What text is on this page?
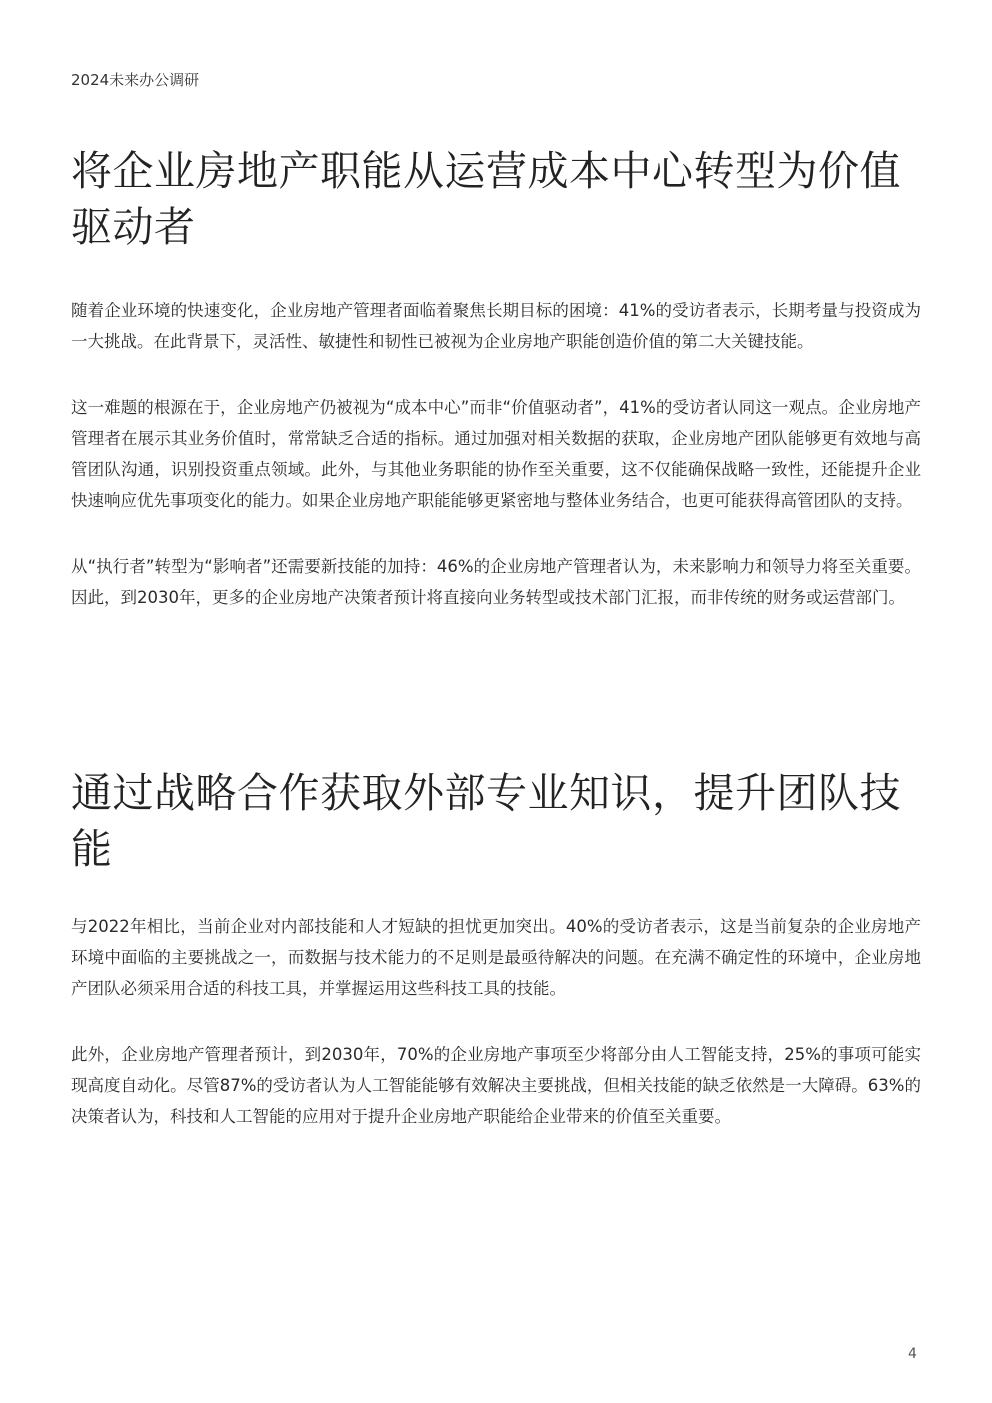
2024未来办公调研
将企业房地产职能从运营成本中心转型为价值驱动者

随着企业环境的快速变化，企业房地产管理者面临着聚焦长期目标的困境：41%的受访者表示，长期考量与投资成为一大挑战。在此背景下，灵活性、敏捷性和韧性已被视为企业房地产职能创造价值的第二大关键技能。

这一难题的根源在于，企业房地产仍被视为“成本中心”而非“价值驱动者”，41%的受访者认同这一观点。企业房地产管理者在展示其业务价值时，常常缺乏合适的指标。通过加强对相关数据的获取，企业房地产团队能够更有效地与高管团队沟通，识别投资重点领域。此外，与其他业务职能的协作至关重要，这不仅能确保战略一致性，还能提升企业快速响应优先事项变化的能力。如果企业房地产职能能够更紧密地与整体业务结合，也更可能获得高管团队的支持。

从“执行者”转型为“影响者”还需要新技能的加持：46%的企业房地产管理者认为，未来影响力和领导力将至关重要。因此，到2030年，更多的企业房地产决策者预计将直接向业务转型或技术部门汇报，而非传统的财务或运营部门。

通过战略合作获取外部专业知识，提升团队技能

与2022年相比，当前企业对内部技能和人才短缺的担忧更加突出。40%的受访者表示，这是当前复杂的企业房地产环境中面临的主要挑战之一，而数据与技术能力的不足则是最亟待解决的问题。在充满不确定性的环境中，企业房地产团队必须采用合适的科技工具，并掌握运用这些科技工具的技能。

此外，企业房地产管理者预计，到2030年，70%的企业房地产事项至少将部分由人工智能支持，25%的事项可能实现高度自动化。尽管87%的受访者认为人工智能能够有效解决主要挑战，但相关技能的缺乏依然是一大障碍。63%的决策者认为，科技和人工智能的应用对于提升企业房地产职能给企业带来的价值至关重要。

4
